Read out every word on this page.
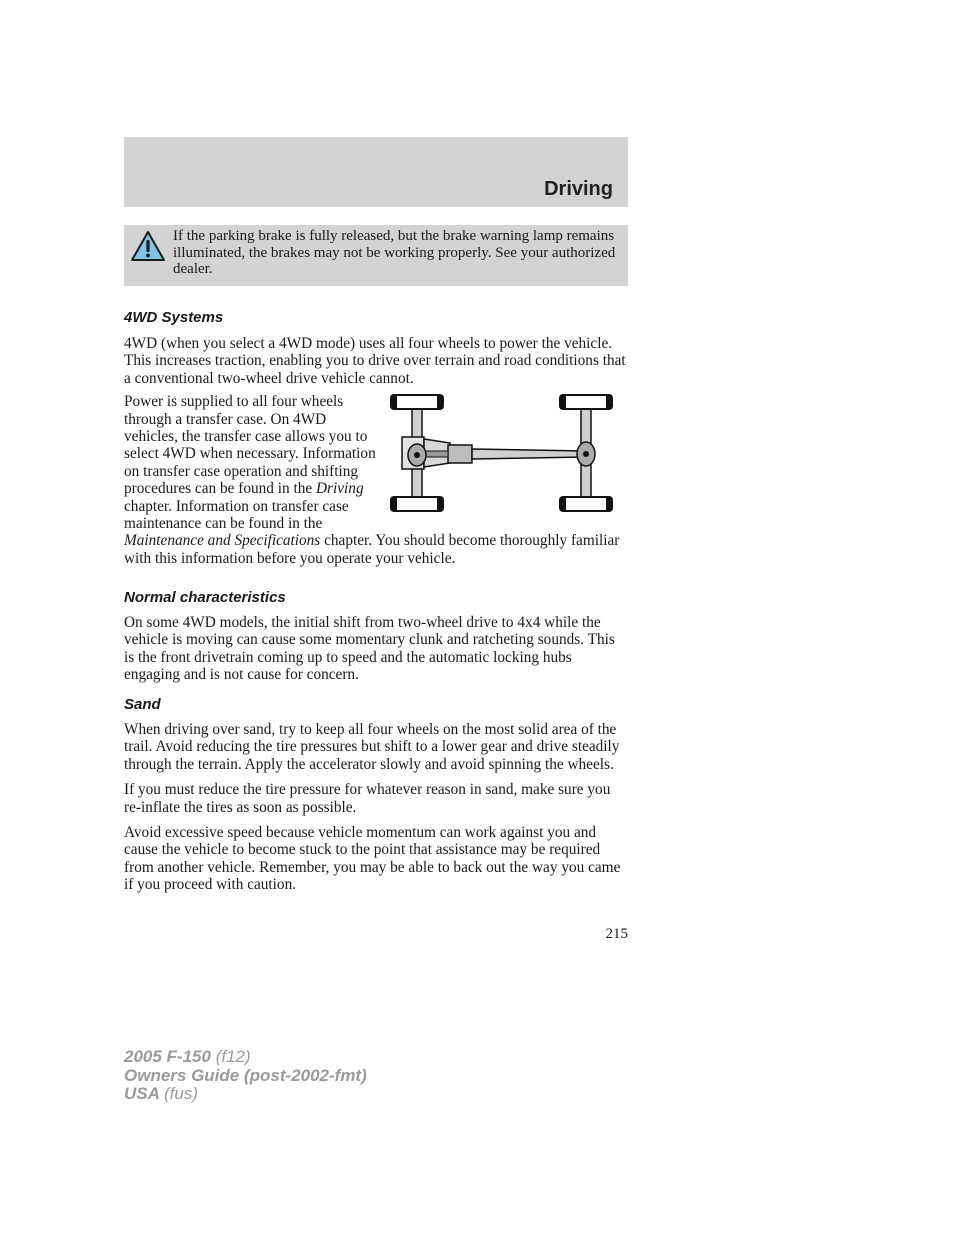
Driving
If the parking brake is fully released, but the brake warning lamp remains illuminated, the brakes may not be working properly. See your authorized dealer.
4WD Systems

4WD (when you select a 4WD mode) uses all four wheels to power the vehicle. This increases traction, enabling you to drive over terrain and road conditions that a conventional two-wheel drive vehicle cannot.

Power is supplied to all four wheels through a transfer case. On 4WD vehicles, the transfer case allows you to select 4WD when necessary. Information on transfer case operation and shifting procedures can be found in the Driving chapter. Information on transfer case maintenance can be found in the Maintenance and Specifications chapter. You should become thoroughly familiar with this information before you operate your vehicle.

Normal characteristics

On some 4WD models, the initial shift from two-wheel drive to 4x4 while the vehicle is moving can cause some momentary clunk and ratcheting sounds. This is the front drivetrain coming up to speed and the automatic locking hubs engaging and is not cause for concern.

Sand

When driving over sand, try to keep all four wheels on the most solid area of the trail. Avoid reducing the tire pressures but shift to a lower gear and drive steadily through the terrain. Apply the accelerator slowly and avoid spinning the wheels.

If you must reduce the tire pressure for whatever reason in sand, make sure you re-inflate the tires as soon as possible.

Avoid excessive speed because vehicle momentum can work against you and cause the vehicle to become stuck to the point that assistance may be required from another vehicle. Remember, you may be able to back out the way you came if you proceed with caution.

215
2005 F-150 (f12)
Owners Guide (post-2002-fmt)
USA (fus)
